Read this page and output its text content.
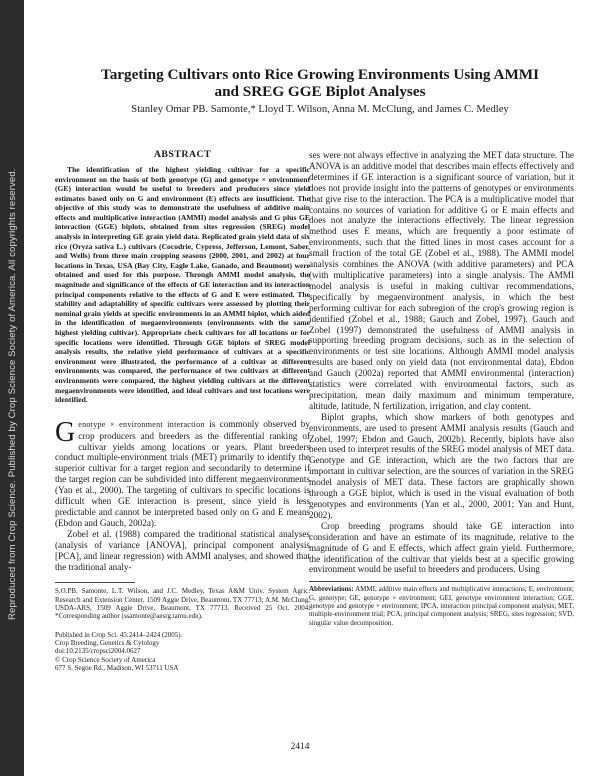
Reproduced from Crop Science. Published by Crop Science Society of America. All copyrights reserved.
Targeting Cultivars onto Rice Growing Environments Using AMMI and SREG GGE Biplot Analyses

Stanley Omar PB. Samonte,* Lloyd T. Wilson, Anna M. McClung, and James C. Medley

ABSTRACT

The identification of the highest yielding cultivar for a specific environment on the basis of both genotype (G) and genotype × environment (GE) interaction would be useful to breeders and producers since yield estimates based only on G and environment (E) effects are insufficient. The objective of this study was to demonstrate the usefulness of additive main effects and multiplicative interaction (AMMI) model analysis and G plus GE interaction (GGE) biplots, obtained from sites regression (SREG) model analysis in interpreting GE grain yield data. Replicated grain yield data of six rice (Oryza sativa L.) cultivars (Cocodrie, Cypress, Jefferson, Lemont, Saber, and Wells) from three main cropping seasons (2000, 2001, and 2002) at four locations in Texas, USA (Bay City, Eagle Lake, Ganado, and Beaumont) were obtained and used for this purpose. Through AMMI model analysis, the magnitude and significance of the effects of GE interaction and its interaction principal components relative to the effects of G and E were estimated. The stability and adaptability of specific cultivars were assessed by plotting their nominal grain yields at specific environments in an AMMI biplot, which aided in the identification of megaenvironments (environments with the same highest yielding cultivar). Appropriate check cultivars for all locations or for specific locations were identified. Through GGE biplots of SREG model analysis results, the relative yield performance of cultivars at a specific environment were illustrated, the performance of a cultivar at different environments was compared, the performance of two cultivars at different environments were compared, the highest yielding cultivars at the different megaenvironments were identified, and ideal cultivars and test locations were identified.

Genotype × environment interaction is commonly observed by crop producers and breeders as the differential ranking of cultivar yields among locations or years. Plant breeders conduct multiple-environment trials (MET) primarily to identify the superior cultivar for a target region and secondarily to determine if the target region can be subdivided into different megaenvironments (Yan et al., 2000). The targeting of cultivars to specific locations is difficult when GE interaction is present, since yield is less predictable and cannot be interpreted based only on G and E means (Ebdon and Gauch, 2002a).

Zobel et al. (1988) compared the traditional statistical analyses (analysis of variance [ANOVA], principal component analysis [PCA], and linear regression) with AMMI analyses, and showed that the traditional analy-

S.O.PB. Samonte, L.T. Wilson, and J.C. Medley, Texas A&M Univ. System Agric. Research and Extension Center, 1509 Aggie Drive, Beaumont, TX 77713; A.M. McClung, USDA-ARS, 1509 Aggie Drive, Beaumont, TX 77713. Received 25 Oct. 2004. *Corresponding author (ssamonte@aesrg.tamu.edu).

Published in Crop Sci. 45:2414–2424 (2005).

Crop Breeding, Genetics & Cytology

doi:10.2135/cropsci2004.0627

© Crop Science Society of America

677 S. Segoe Rd., Madison, WI 53711 USA

ses were not always effective in analyzing the MET data structure. The ANOVA is an additive model that describes main effects effectively and determines if GE interaction is a significant source of variation, but it does not provide insight into the patterns of genotypes or environments that give rise to the interaction. The PCA is a multiplicative model that contains no sources of variation for additive G or E main effects and does not analyze the interactions effectively. The linear regression method uses E means, which are frequently a poor estimate of environments, such that the fitted lines in most cases account for a small fraction of the total GE (Zobel et al., 1988). The AMMI model analysis combines the ANOVA (with additive parameters) and PCA (with multiplicative parameters) into a single analysis. The AMMI model analysis is useful in making cultivar recommendations, specifically by megaenvironment analysis, in which the best performing cultivar for each subregion of the crop's growing region is identified (Zobel et al., 1988; Gauch and Zobel, 1997). Gauch and Zobel (1997) demonstrated the usefulness of AMMI analysis in supporting breeding program decisions, such as in the selection of environments or test site locations. Although AMMI model analysis results are based only on yield data (not environmental data), Ebdon and Gauch (2002a) reported that AMMI environmental (interaction) statistics were correlated with environmental factors, such as precipitation, mean daily maximum and minimum temperature, altitude, latitude, N fertilization, irrigation, and clay content.

Biplot graphs, which show markers of both genotypes and environments, are used to present AMMI analysis results (Gauch and Zobel, 1997; Ebdon and Gauch, 2002b). Recently, biplots have also been used to interpret results of the SREG model analysis of MET data. Genotype and GE interaction, which are the two factors that are important in cultivar selection, are the sources of variation in the SREG model analysis of MET data. These factors are graphically shown through a GGE biplot, which is used in the visual evaluation of both genotypes and environments (Yan et al., 2000, 2001; Yan and Hunt, 2002).

Crop breeding programs should take GE interaction into consideration and have an estimate of its magnitude, relative to the magnitude of G and E effects, which affect grain yield. Furthermore, the identification of the cultivar that yields best at a specific growing environment would be useful to breeders and producers. Using

Abbreviations: AMMI, additive main effects and multiplicative interactions; E, environment; G, genotype; GE, genotype × environment; GEI, genotype environment interaction; GGE, genotype and genotype × environment; IPCA, interaction principal component analysis; MET, multiple-environment trial; PCA, principal component analysis; SREG, sites regression; SVD, singular value decomposition.

2414
